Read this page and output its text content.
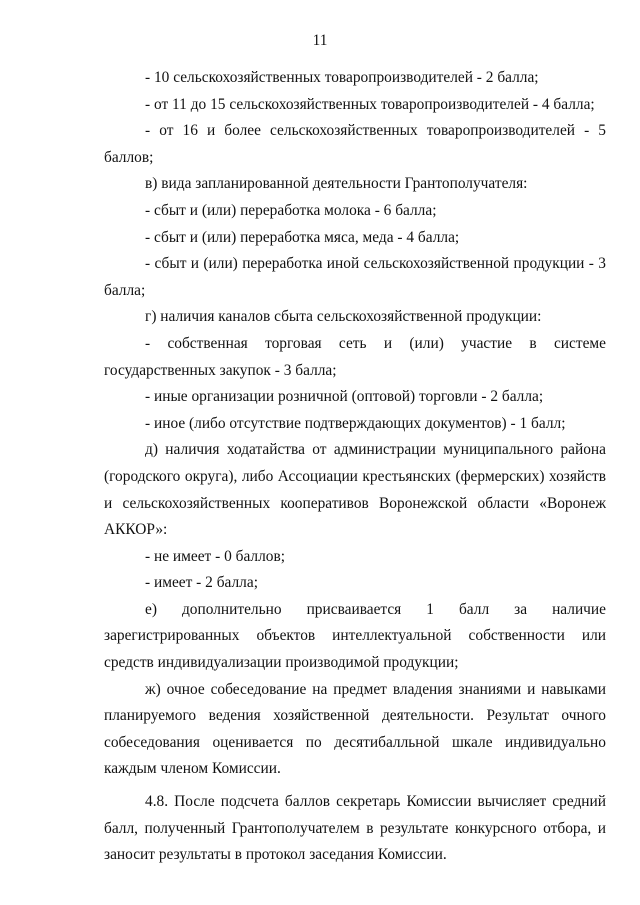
11

- 10 сельскохозяйственных товаропроизводителей - 2 балла;

- от 11 до 15 сельскохозяйственных товаропроизводителей - 4 балла;

- от 16 и более сельскохозяйственных товаропроизводителей - 5 баллов;

в) вида запланированной деятельности Грантополучателя:

- сбыт и (или) переработка молока - 6 балла;

- сбыт и (или) переработка мяса, меда - 4 балла;

- сбыт и (или) переработка иной сельскохозяйственной продукции - 3 балла;

г) наличия каналов сбыта сельскохозяйственной продукции:

- собственная торговая сеть и (или) участие в системе государственных закупок - 3 балла;

- иные организации розничной (оптовой) торговли - 2 балла;

- иное (либо отсутствие подтверждающих документов) - 1 балл;

д) наличия ходатайства от администрации муниципального района (городского округа), либо Ассоциации крестьянских (фермерских) хозяйств и сельскохозяйственных кооперативов Воронежской области «Воронеж АККОР»:

- не имеет - 0 баллов;

- имеет - 2 балла;

е) дополнительно присваивается 1 балл за наличие зарегистрированных объектов интеллектуальной собственности или средств индивидуализации производимой продукции;

ж) очное собеседование на предмет владения знаниями и навыками планируемого ведения хозяйственной деятельности. Результат очного собеседования оценивается по десятибалльной шкале индивидуально каждым членом Комиссии.

4.8. После подсчета баллов секретарь Комиссии вычисляет средний балл, полученный Грантополучателем в результате конкурсного отбора, и заносит результаты в протокол заседания Комиссии.
